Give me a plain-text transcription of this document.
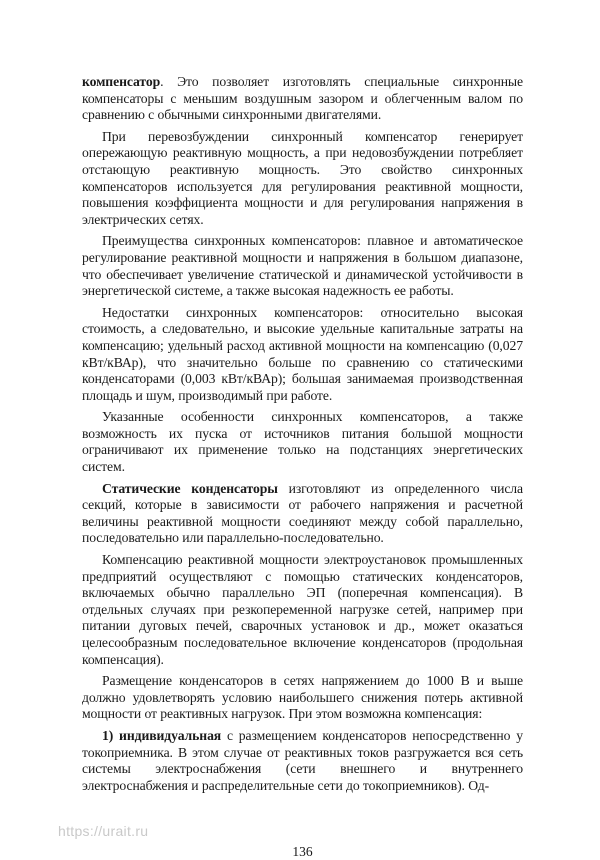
компенсатор. Это позволяет изготовлять специальные синхронные компенсаторы с меньшим воздушным зазором и облегченным валом по сравнению с обычными синхронными двигателями.

При перевозбуждении синхронный компенсатор генерирует опережающую реактивную мощность, а при недовозбуждении потребляет отстающую реактивную мощность. Это свойство синхронных компенсаторов используется для регулирования реактивной мощности, повышения коэффициента мощности и для регулирования напряжения в электрических сетях.

Преимущества синхронных компенсаторов: плавное и автоматическое регулирование реактивной мощности и напряжения в большом диапазоне, что обеспечивает увеличение статической и динамической устойчивости в энергетической системе, а также высокая надежность ее работы.

Недостатки синхронных компенсаторов: относительно высокая стоимость, а следовательно, и высокие удельные капитальные затраты на компенсацию; удельный расход активной мощности на компенсацию (0,027 кВт/кВАр), что значительно больше по сравнению со статическими конденсаторами (0,003 кВт/кВАр); большая занимаемая производственная площадь и шум, производимый при работе.

Указанные особенности синхронных компенсаторов, а также возможность их пуска от источников питания большой мощности ограничивают их применение только на подстанциях энергетических систем.

Статические конденсаторы изготовляют из определенного числа секций, которые в зависимости от рабочего напряжения и расчетной величины реактивной мощности соединяют между собой параллельно, последовательно или параллельно-последовательно.

Компенсацию реактивной мощности электроустановок промышленных предприятий осуществляют с помощью статических конденсаторов, включаемых обычно параллельно ЭП (поперечная компенсация). В отдельных случаях при резкопеременной нагрузке сетей, например при питании дуговых печей, сварочных установок и др., может оказаться целесообразным последовательное включение конденсаторов (продольная компенсация).

Размещение конденсаторов в сетях напряжением до 1000 В и выше должно удовлетворять условию наибольшего снижения потерь активной мощности от реактивных нагрузок. При этом возможна компенсация:

1) индивидуальная с размещением конденсаторов непосредственно у токоприемника. В этом случае от реактивных токов разгружается вся сеть системы электроснабжения (сети внешнего и внутреннего электроснабжения и распределительные сети до токоприемников). Од-

136
https://urait.ru
